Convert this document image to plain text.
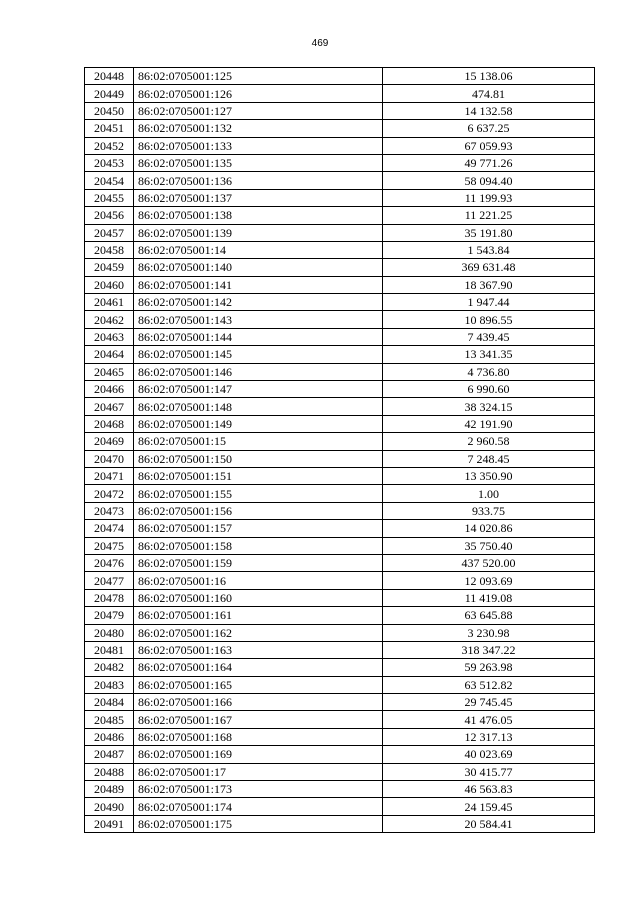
469
20448	86:02:0705001:125	15 138.06
20449	86:02:0705001:126	474.81
20450	86:02:0705001:127	14 132.58
20451	86:02:0705001:132	6 637.25
20452	86:02:0705001:133	67 059.93
20453	86:02:0705001:135	49 771.26
20454	86:02:0705001:136	58 094.40
20455	86:02:0705001:137	11 199.93
20456	86:02:0705001:138	11 221.25
20457	86:02:0705001:139	35 191.80
20458	86:02:0705001:14	1 543.84
20459	86:02:0705001:140	369 631.48
20460	86:02:0705001:141	18 367.90
20461	86:02:0705001:142	1 947.44
20462	86:02:0705001:143	10 896.55
20463	86:02:0705001:144	7 439.45
20464	86:02:0705001:145	13 341.35
20465	86:02:0705001:146	4 736.80
20466	86:02:0705001:147	6 990.60
20467	86:02:0705001:148	38 324.15
20468	86:02:0705001:149	42 191.90
20469	86:02:0705001:15	2 960.58
20470	86:02:0705001:150	7 248.45
20471	86:02:0705001:151	13 350.90
20472	86:02:0705001:155	1.00
20473	86:02:0705001:156	933.75
20474	86:02:0705001:157	14 020.86
20475	86:02:0705001:158	35 750.40
20476	86:02:0705001:159	437 520.00
20477	86:02:0705001:16	12 093.69
20478	86:02:0705001:160	11 419.08
20479	86:02:0705001:161	63 645.88
20480	86:02:0705001:162	3 230.98
20481	86:02:0705001:163	318 347.22
20482	86:02:0705001:164	59 263.98
20483	86:02:0705001:165	63 512.82
20484	86:02:0705001:166	29 745.45
20485	86:02:0705001:167	41 476.05
20486	86:02:0705001:168	12 317.13
20487	86:02:0705001:169	40 023.69
20488	86:02:0705001:17	30 415.77
20489	86:02:0705001:173	46 563.83
20490	86:02:0705001:174	24 159.45
20491	86:02:0705001:175	20 584.41
